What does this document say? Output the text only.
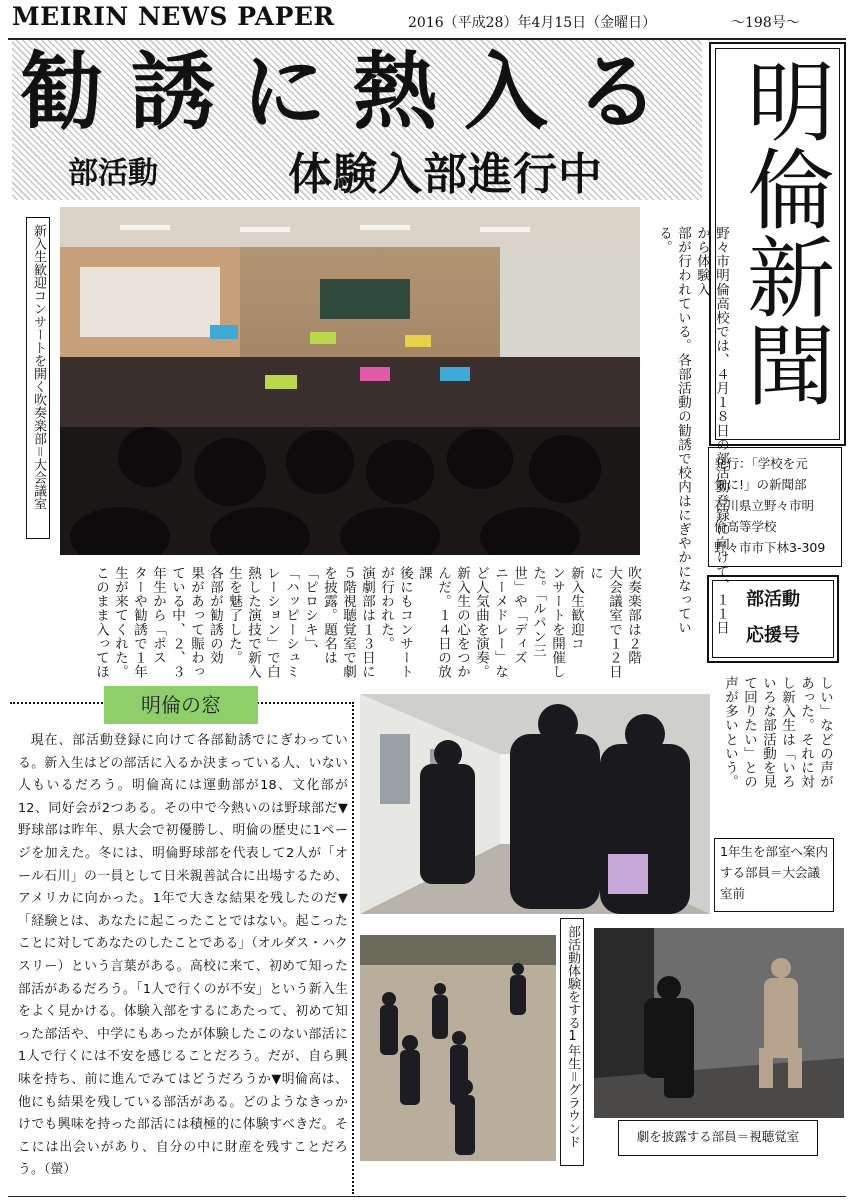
MEIRIN NEWS PAPER	2016（平成28）年4月15日（金曜日）	～198号～
勧誘に熱入る
部活動	体験入部進行中 明倫新聞
発行：「学校を元
気に!」の新聞部
石川県立野々市明
倫高等学校
野々市市下林3-309
部活動
応援号
新入生歓迎コンサートを開く吹奏楽部＝大会議室	野々市明倫高校では、４月１８日の部活動登録に向けて、１１日から体験入
部が行われている。各部活動の勧誘で校内はにぎやかになっている。
吹奏楽部は２階
大会議室で１２日に
新入生歓迎コ
ンサートを開催し
た。「ルパン三
世」や「ディズ
ニーメドレー」な
ど人気曲を演奏。
新入生の心をつか
んだ。１４日の放課
後にもコンサート
が行われた。
演劇部は１３日に
５階視聴覚室で劇
を披露。題名は
「ピロシキ」、
「ハッピーシュミ
レーション」で白
熱した演技で新入
生を魅了した。
各部が勧誘の効
果があって賑わっ
ている中、２、３
年生から「ポス
ターや勧誘で１年
生が来てくれた。
このまま入ってほ
しい」などの声が
あった。それに対
し新入生は「いろ
いろな部活動を見
て回りたい」との
声が多いという。
1年生を部室へ案内する部員＝大会議室前
部活動体験をする1年生＝グラウンド	劇を披露する部員＝視聴覚室
明倫の窓

現在、部活動登録に向けて各部勧誘でにぎわっている。新入生はどの部活に入るか決まっている人、いない人もいるだろう。明倫高には運動部が18、文化部が12、同好会が2つある。その中で今熱いのは野球部だ▼野球部は昨年、県大会で初優勝し、明倫の歴史に1ページを加えた。冬には、明倫野球部を代表して2人が「オール石川」の一員として日米親善試合に出場するため、アメリカに向かった。1年で大きな結果を残したのだ▼「経験とは、あなたに起こったことではない。起こったことに対してあなたのしたことである」（オルダス・ハクスリー）という言葉がある。高校に来て、初めて知った部活があるだろう。「1人で行くのが不安」という新入生をよく見かける。体験入部をするにあたって、初めて知った部活や、中学にもあったが体験したこのない部活に1人で行くには不安を感じることだろう。だが、自ら興味を持ち、前に進んでみてはどうだろうか▼明倫高は、他にも結果を残している部活がある。どのようなきっかけでも興味を持った部活には積極的に体験すべきだ。そこには出会いがあり、自分の中に財産を残すことだろう。（螢）
